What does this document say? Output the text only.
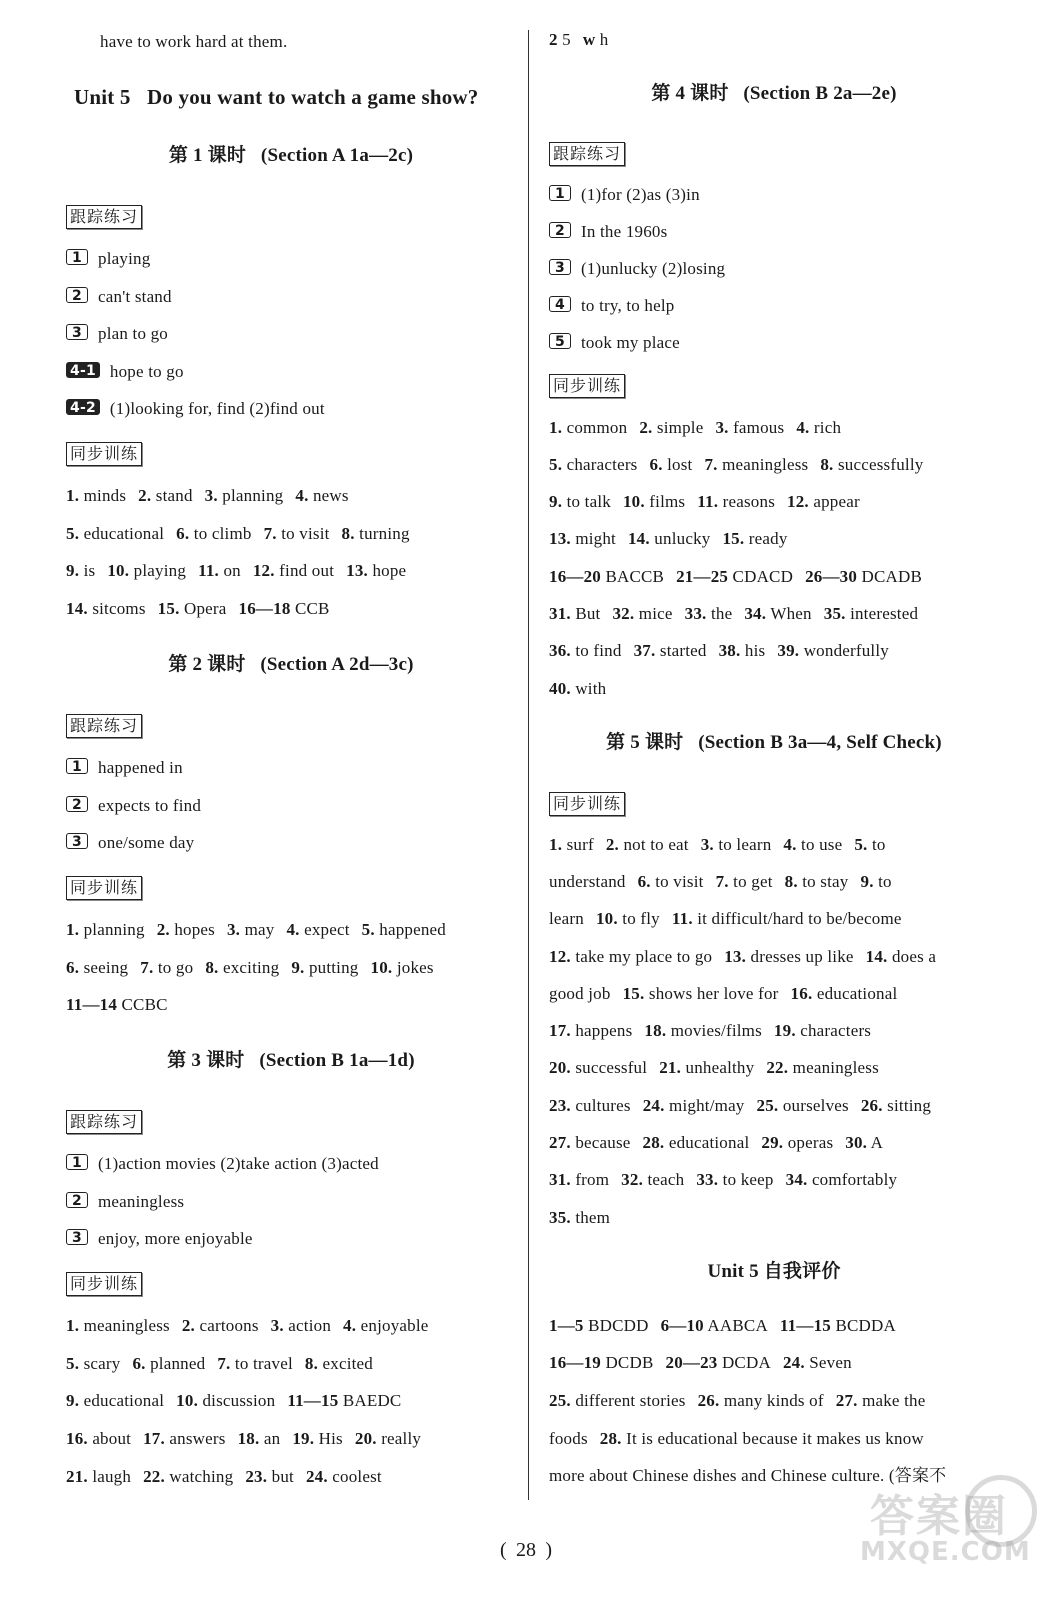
have to work hard at them.
Unit 5 Do you want to watch a game show?
第 1 课时 (Section A 1a—2c)
跟踪练习
1 playing
2 can't stand
3 plan to go
4-1 hope to go
4-2 (1)looking for, find (2)find out
同步训练
1. minds 2. stand 3. planning 4. news
5. educational 6. to climb 7. to visit 8. turning
9. is 10. playing 11. on 12. find out 13. hope
14. sitcoms 15. Opera 16—18 CCB
第 2 课时 (Section A 2d—3c)
跟踪练习
1 happened in
2 expects to find
3 one/some day
同步训练
1. planning 2. hopes 3. may 4. expect 5. happened
6. seeing 7. to go 8. exciting 9. putting 10. jokes
11—14 CCBC
第 3 课时 (Section B 1a—1d)
跟踪练习
1 (1)action movies (2)take action (3)acted
2 meaningless
3 enjoy, more enjoyable
同步训练
1. meaningless 2. cartoons 3. action 4. enjoyable
5. scary 6. planned 7. to travel 8. excited
9. educational 10. discussion 11—15 BAEDC
16. about 17. answers 18. an 19. His 20. really
21. laugh 22. watching 23. but 24. coolest
2 5 w h
第 4 课时 (Section B 2a—2e)
跟踪练习
1 (1)for (2)as (3)in
2 In the 1960s
3 (1)unlucky (2)losing
4 to try, to help
5 took my place
同步训练
1. common 2. simple 3. famous 4. rich
5. characters 6. lost 7. meaningless 8. successfully
9. to talk 10. films 11. reasons 12. appear
13. might 14. unlucky 15. ready
16—20 BACCB 21—25 CDACD 26—30 DCADB
31. But 32. mice 33. the 34. When 35. interested
36. to find 37. started 38. his 39. wonderfully
40. with
第 5 课时 (Section B 3a—4, Self Check)
同步训练
1. surf 2. not to eat 3. to learn 4. to use 5. to
understand 6. to visit 7. to get 8. to stay 9. to
learn 10. to fly 11. it difficult/hard to be/become
12. take my place to go 13. dresses up like 14. does a
good job 15. shows her love for 16. educational
17. happens 18. movies/films 19. characters
20. successful 21. unhealthy 22. meaningless
23. cultures 24. might/may 25. ourselves 26. sitting
27. because 28. educational 29. operas 30. A
31. from 32. teach 33. to keep 34. comfortably
35. them
Unit 5 自我评价
1—5 BDCDD 6—10 AABCA 11—15 BCDDA
16—19 DCDB 20—23 DCDA 24. Seven
25. different stories 26. many kinds of 27. make the
foods 28. It is educational because it makes us know
more about Chinese dishes and Chinese culture. (答案不
( 28 )
答案圈
MXQE.COM
